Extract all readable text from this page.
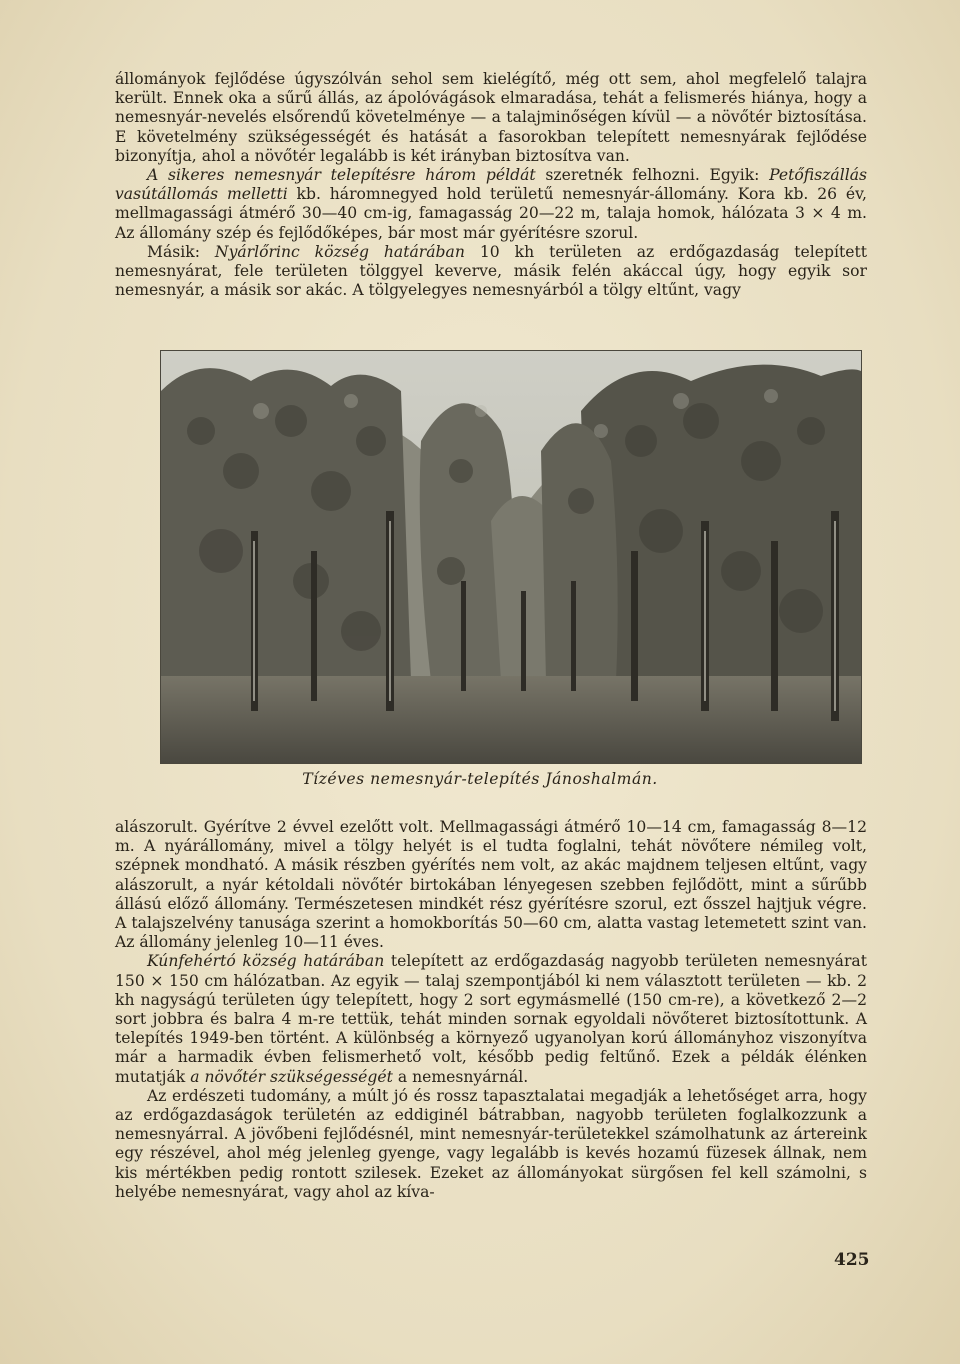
állományok fejlődése úgyszólván sehol sem kielégítő, még ott sem, ahol megfelelő talajra került. Ennek oka a sűrű állás, az ápolóvágások elmaradása, tehát a felismerés hiánya, hogy a nemesnyár-nevelés elsőrendű követelménye — a talajminőségen kívül — a növőtér biztosítása. E követelmény szükségességét és hatását a fasorokban telepített nemesnyárak fejlődése bizonyítja, ahol a növőtér legalább is két irányban biztosítva van.

A sikeres nemesnyár telepítésre három példát szeretnék felhozni. Egyik: Petőfiszállás vasútállomás melletti kb. háromnegyed hold területű nemesnyár-állomány. Kora kb. 26 év, mellmagassági átmérő 30—40 cm-ig, famagasság 20—22 m, talaja homok, hálózata 3 × 4 m. Az állomány szép és fejlődőképes, bár most már gyérítésre szorul.

Másik: Nyárlőrinc község határában 10 kh területen az erdőgazdaság telepített nemesnyárat, fele területen tölggyel keverve, másik felén akáccal úgy, hogy egyik sor nemesnyár, a másik sor akác. A tölgyelegyes nemesnyárból a tölgy eltűnt, vagy

Tízéves nemesnyár-telepítés Jánoshalmán.

alászorult. Gyérítve 2 évvel ezelőtt volt. Mellmagassági átmérő 10—14 cm, famagasság 8—12 m. A nyárállomány, mivel a tölgy helyét is el tudta foglalni, tehát növőtere némileg volt, szépnek mondható. A másik részben gyérítés nem volt, az akác majdnem teljesen eltűnt, vagy alászorult, a nyár kétoldali növőtér birtokában lényegesen szebben fejlődött, mint a sűrűbb állású előző állomány. Természetesen mindkét rész gyérítésre szorul, ezt ősszel hajtjuk végre. A talajszelvény tanusága szerint a homokborítás 50—60 cm, alatta vastag letemetett szint van. Az állomány jelenleg 10—11 éves.

Kúnfehértó község határában telepített az erdőgazdaság nagyobb területen nemesnyárat 150 × 150 cm hálózatban. Az egyik — talaj szempontjából ki nem választott területen — kb. 2 kh nagyságú területen úgy telepített, hogy 2 sort egymásmellé (150 cm-re), a következő 2—2 sort jobbra és balra 4 m-re tettük, tehát minden sornak egyoldali növőteret biztosítottunk. A telepítés 1949-ben történt. A különbség a környező ugyanolyan korú állományhoz viszonyítva már a harmadik évben felismerhető volt, később pedig feltűnő. Ezek a példák élénken mutatják a növőtér szükségességét a nemesnyárnál.

Az erdészeti tudomány, a múlt jó és rossz tapasztalatai megadják a lehetőséget arra, hogy az erdőgazdaságok területén az eddiginél bátrabban, nagyobb területen foglalkozzunk a nemesnyárral. A jövőbeni fejlődésnél, mint nemesnyár-területekkel számolhatunk az ártereink egy részével, ahol még jelenleg gyenge, vagy legalább is kevés hozamú füzesek állnak, nem kis mértékben pedig rontott szilesek. Ezeket az állományokat sürgősen fel kell számolni, s helyébe nemesnyárat, vagy ahol az kíva-

425
